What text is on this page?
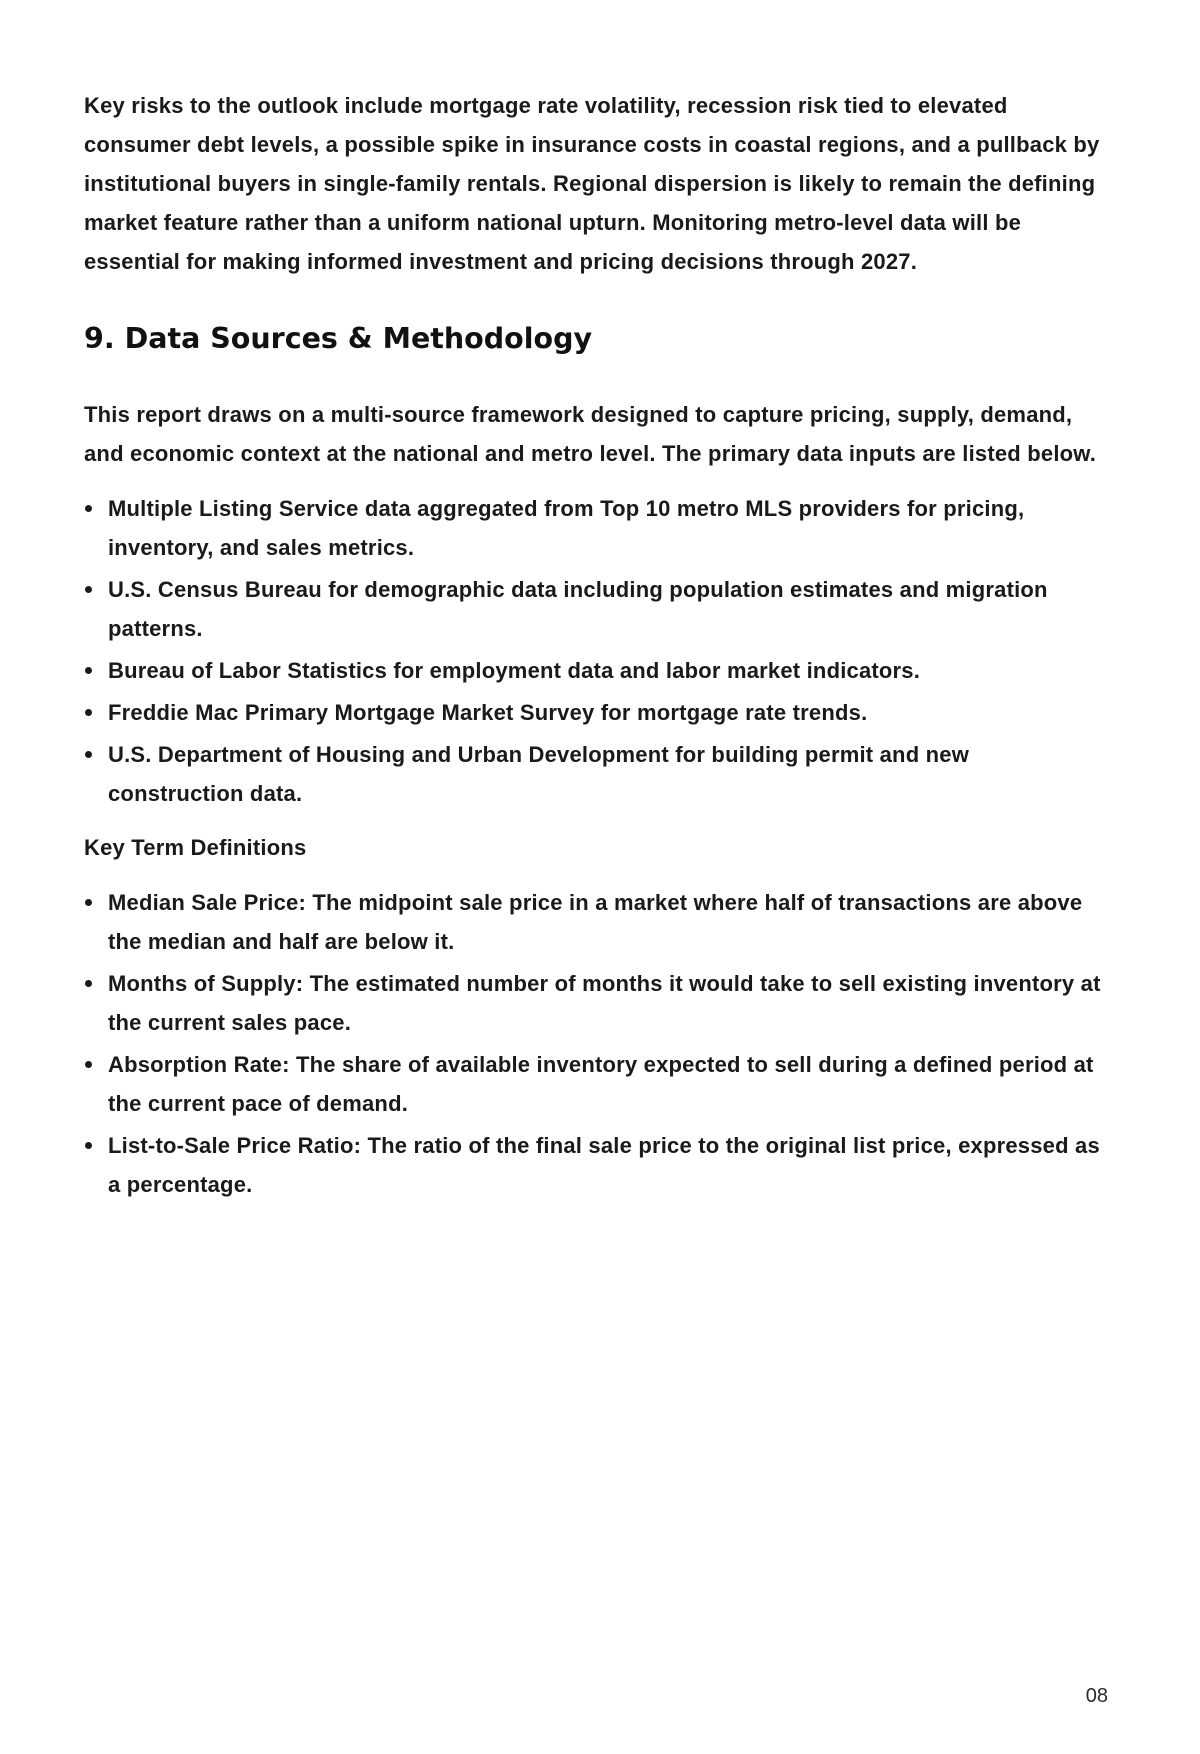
Key risks to the outlook include mortgage rate volatility, recession risk tied to elevated consumer debt levels, a possible spike in insurance costs in coastal regions, and a pullback by institutional buyers in single-family rentals. Regional dispersion is likely to remain the defining market feature rather than a uniform national upturn. Monitoring metro-level data will be essential for making informed investment and pricing decisions through 2027.

9. Data Sources & Methodology

This report draws on a multi-source framework designed to capture pricing, supply, demand, and economic context at the national and metro level. The primary data inputs are listed below.

Multiple Listing Service data aggregated from Top 10 metro MLS providers for pricing, inventory, and sales metrics.
U.S. Census Bureau for demographic data including population estimates and migration patterns.
Bureau of Labor Statistics for employment data and labor market indicators.
Freddie Mac Primary Mortgage Market Survey for mortgage rate trends.
U.S. Department of Housing and Urban Development for building permit and new construction data.

Key Term Definitions

Median Sale Price: The midpoint sale price in a market where half of transactions are above the median and half are below it.
Months of Supply: The estimated number of months it would take to sell existing inventory at the current sales pace.
Absorption Rate: The share of available inventory expected to sell during a defined period at the current pace of demand.
List-to-Sale Price Ratio: The ratio of the final sale price to the original list price, expressed as a percentage.
08
